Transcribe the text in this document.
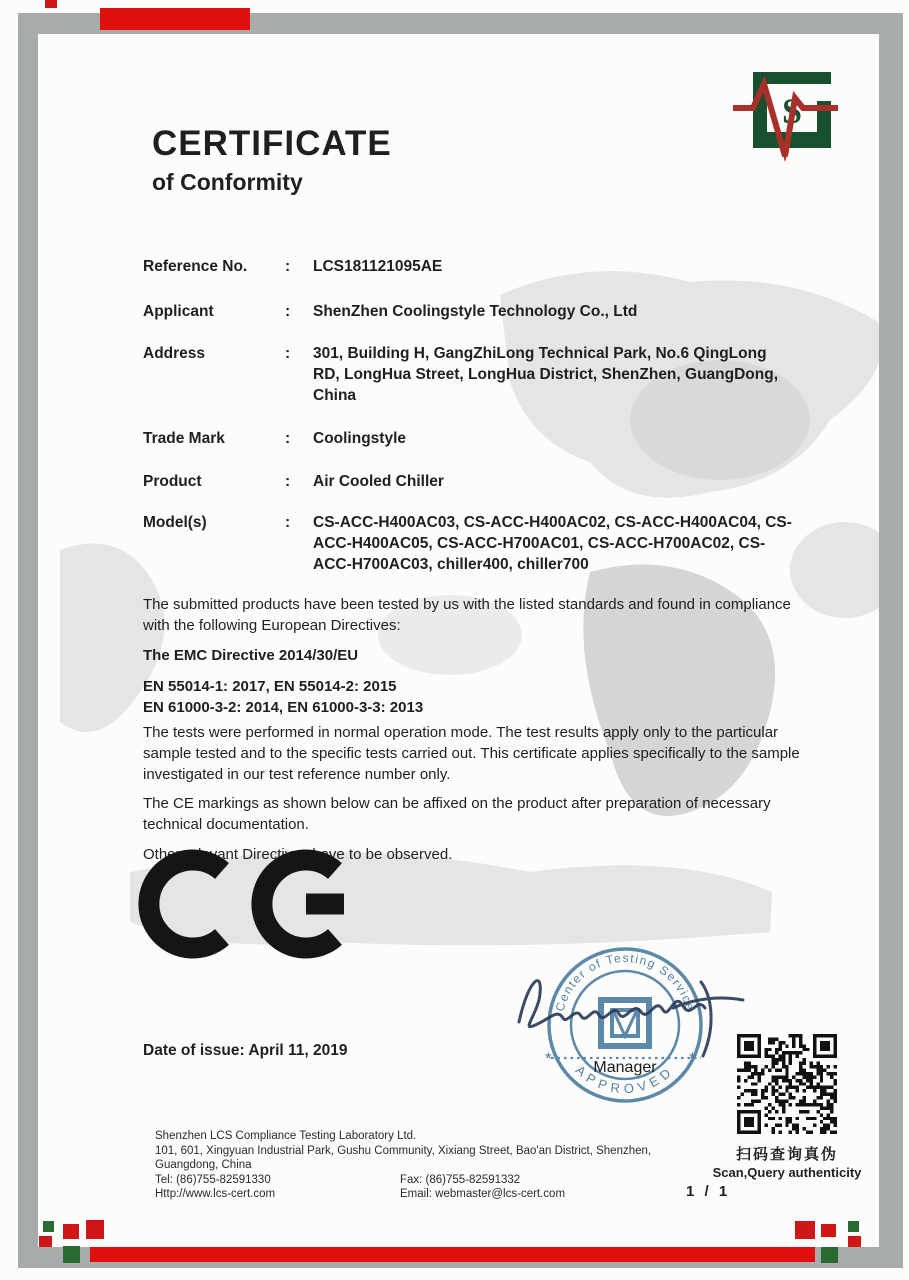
S
CERTIFICATE
of Conformity
Reference No.	:	LCS181121095AE
Applicant	:	ShenZhen Coolingstyle Technology Co., Ltd
Address	:	301, Building H, GangZhiLong Technical Park, No.6 QingLong RD, LongHua Street, LongHua District, ShenZhen, GuangDong, China
Trade Mark	:	Coolingstyle
Product	:	Air Cooled Chiller
Model(s)	:	CS-ACC-H400AC03, CS-ACC-H400AC02, CS-ACC-H400AC04, CS-ACC-H400AC05, CS-ACC-H700AC01, CS-ACC-H700AC02, CS-ACC-H700AC03, chiller400, chiller700

The submitted products have been tested by us with the listed standards and found in compliance with the following European Directives:

The EMC Directive 2014/30/EU

EN 55014-1: 2017, EN 55014-2: 2015

EN 61000-3-2: 2014, EN 61000-3-3: 2013

The tests were performed in normal operation mode. The test results apply only to the particular sample tested and to the specific tests carried out. This certificate applies specifically to the sample investigated in our test reference number only.

The CE markings as shown below can be affixed on the product after preparation of necessary technical documentation.

Other relevant Directives have to be observed.

Date of issue: April 11, 2019
Center of Testing Service
APPROVED
*	*
Manager
扫码查询真伪
Scan,Query authenticity
1 / 1
Shenzhen LCS Compliance Testing Laboratory Ltd.
101, 601, Xingyuan Industrial Park, Gushu Community, Xixiang Street, Bao'an District, Shenzhen,
Guangdong, China
Tel: (86)755-82591330	Fax: (86)755-82591332
Http://www.lcs-cert.com	Email: webmaster@lcs-cert.com
